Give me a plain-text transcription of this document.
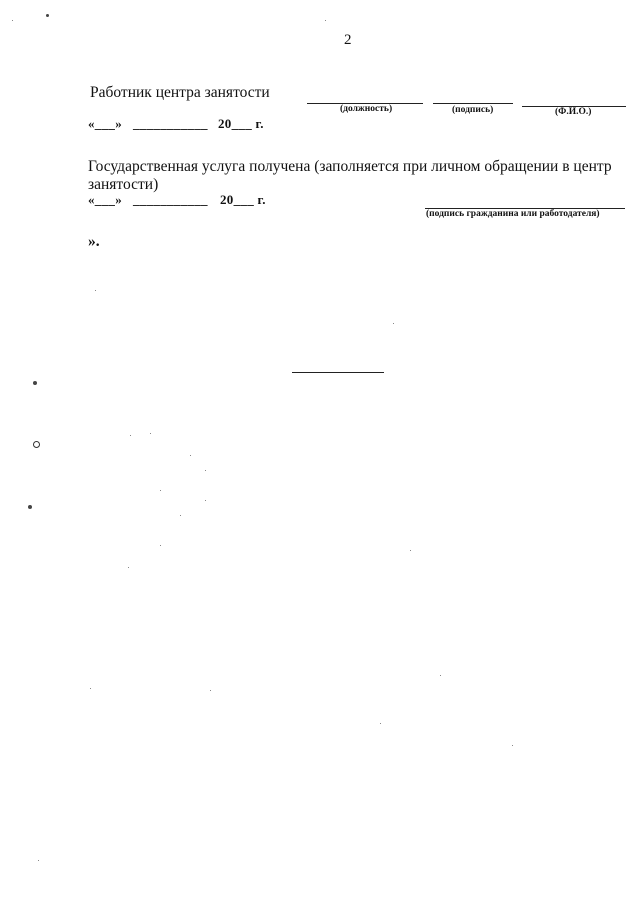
2
Работник центра занятости
(должность)	(подпись)	(Ф.И.О.)
«___» ___________ 20___ г.
Государственная услуга получена (заполняется при личном обращении в центр занятости)
«___» ___________ 20___ г.
(подпись гражданина или работодателя)
».
